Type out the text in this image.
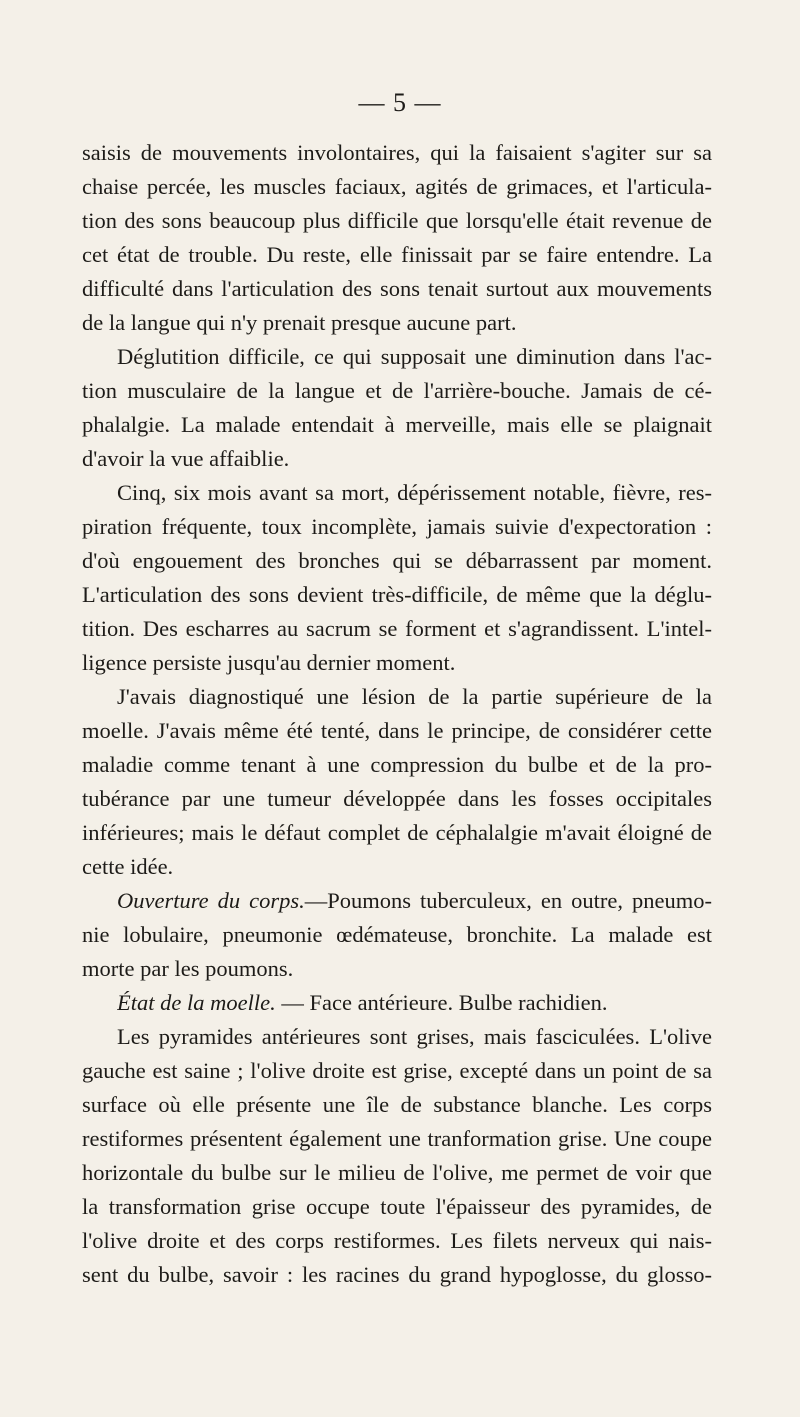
— 5 —
saisis de mouvements involontaires, qui la faisaient s'agiter sur sa
chaise percée, les muscles faciaux, agités de grimaces, et l'articula-
tion des sons beaucoup plus difficile que lorsqu'elle était revenue de
cet état de trouble. Du reste, elle finissait par se faire entendre. La
difficulté dans l'articulation des sons tenait surtout aux mouvements
de la langue qui n'y prenait presque aucune part.
Déglutition difficile, ce qui supposait une diminution dans l'ac-
tion musculaire de la langue et de l'arrière-bouche. Jamais de cé-
phalalgie. La malade entendait à merveille, mais elle se plaignait
d'avoir la vue affaiblie.
Cinq, six mois avant sa mort, dépérissement notable, fièvre, res-
piration fréquente, toux incomplète, jamais suivie d'expectoration :
d'où engouement des bronches qui se débarrassent par moment.
L'articulation des sons devient très-difficile, de même que la déglu-
tition. Des escharres au sacrum se forment et s'agrandissent. L'intel-
ligence persiste jusqu'au dernier moment.
J'avais diagnostiqué une lésion de la partie supérieure de la
moelle. J'avais même été tenté, dans le principe, de considérer cette
maladie comme tenant à une compression du bulbe et de la pro-
tubérance par une tumeur développée dans les fosses occipitales
inférieures; mais le défaut complet de céphalalgie m'avait éloigné de
cette idée.
Ouverture du corps.—Poumons tuberculeux, en outre, pneumo-
nie lobulaire, pneumonie œdémateuse, bronchite. La malade est
morte par les poumons.
État de la moelle. — Face antérieure. Bulbe rachidien.
Les pyramides antérieures sont grises, mais fasciculées. L'olive
gauche est saine ; l'olive droite est grise, excepté dans un point de sa
surface où elle présente une île de substance blanche. Les corps
restiformes présentent également une tranformation grise. Une coupe
horizontale du bulbe sur le milieu de l'olive, me permet de voir que
la transformation grise occupe toute l'épaisseur des pyramides, de
l'olive droite et des corps restiformes. Les filets nerveux qui nais-
sent du bulbe, savoir : les racines du grand hypoglosse, du glosso-
